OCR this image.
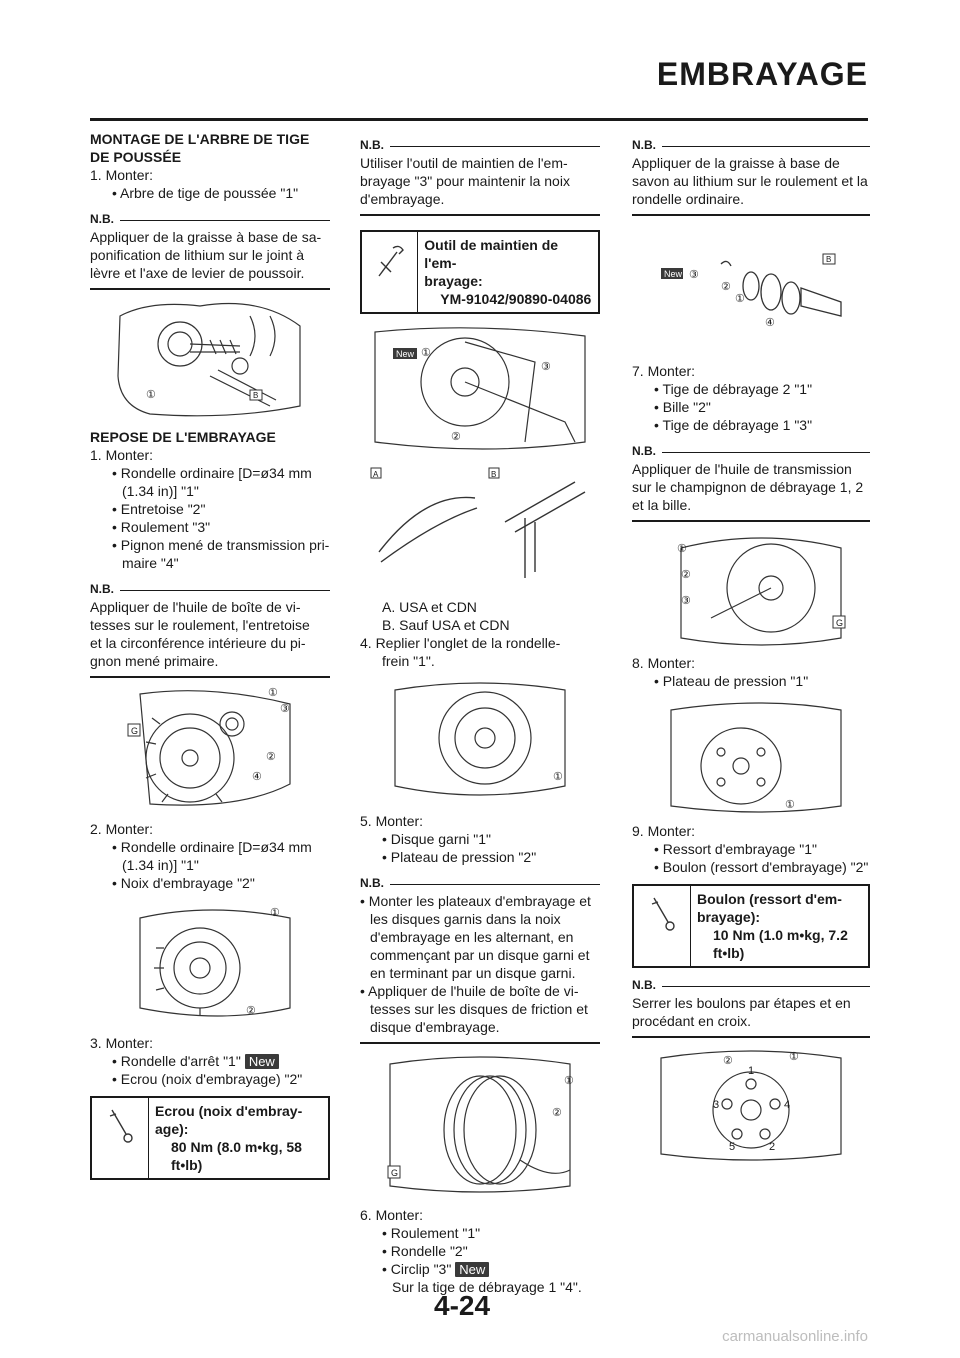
EMBRAYAGE
MONTAGE DE L'ARBRE DE TIGE
DE POUSSÉE
1. Monter:
• Arbre de tige de poussée "1"
N.B.
Appliquer de la graisse à base de sa-
ponification de lithium sur le joint à
lèvre et l'axe de levier de poussoir.
①	B
REPOSE DE L'EMBRAYAGE
1. Monter:
• Rondelle ordinaire [D=ø34 mm
(1.34 in)] "1"
• Entretoise "2"
• Roulement "3"
• Pignon mené de transmission pri-
maire "4"
N.B.
Appliquer de l'huile de boîte de vi-
tesses sur le roulement, l'entretoise
et la circonférence intérieure du pi-
gnon mené primaire.
G
①
③
②
④
2. Monter:
• Rondelle ordinaire [D=ø34 mm
(1.34 in)] "1"
• Noix d'embrayage "2"
①
②
3. Monter:
• Rondelle d'arrêt "1" New
• Ecrou (noix d'embrayage) "2"
Ecrou (noix d'embray-
age):
80 Nm (8.0 m•kg, 58
ft•lb)
N.B.
Utiliser l'outil de maintien de l'em-
brayage "3" pour maintenir la noix
d'embrayage.
Outil de maintien de l'em-
brayage:
YM-91042/90890-04086
New ①
③
②
A	B
A. USA et CDN
B. Sauf USA et CDN
4. Replier l'onglet de la rondelle-
frein "1".
①
5. Monter:
• Disque garni "1"
• Plateau de pression "2"
N.B.
• Monter les plateaux d'embrayage et
les disques garnis dans la noix
d'embrayage en les alternant, en
commençant par un disque garni et
en terminant par un disque garni.
• Appliquer de l'huile de boîte de vi-
tesses sur les disques de friction et
disque d'embrayage.
①
②
G
6. Monter:
• Roulement "1"
• Rondelle "2"
• Circlip "3" New
Sur la tige de débrayage 1 "4".
N.B.
Appliquer de la graisse à base de
savon au lithium sur le roulement et la
rondelle ordinaire.
New ③
②
①
④
B
7. Monter:
• Tige de débrayage 2 "1"
• Bille "2"
• Tige de débrayage 1 "3"
N.B.
Appliquer de l'huile de transmission
sur le champignon de débrayage 1, 2
et la bille.
①
②
③
G
8. Monter:
• Plateau de pression "1"
①
9. Monter:
• Ressort d'embrayage "1"
• Boulon (ressort d'embrayage) "2"
Boulon (ressort d'em-
brayage):
10 Nm (1.0 m•kg, 7.2
ft•lb)
N.B.
Serrer les boulons par étapes et en
procédant en croix.
②	①
1
3	4
5	2
4-24
carmanualsonline.info
